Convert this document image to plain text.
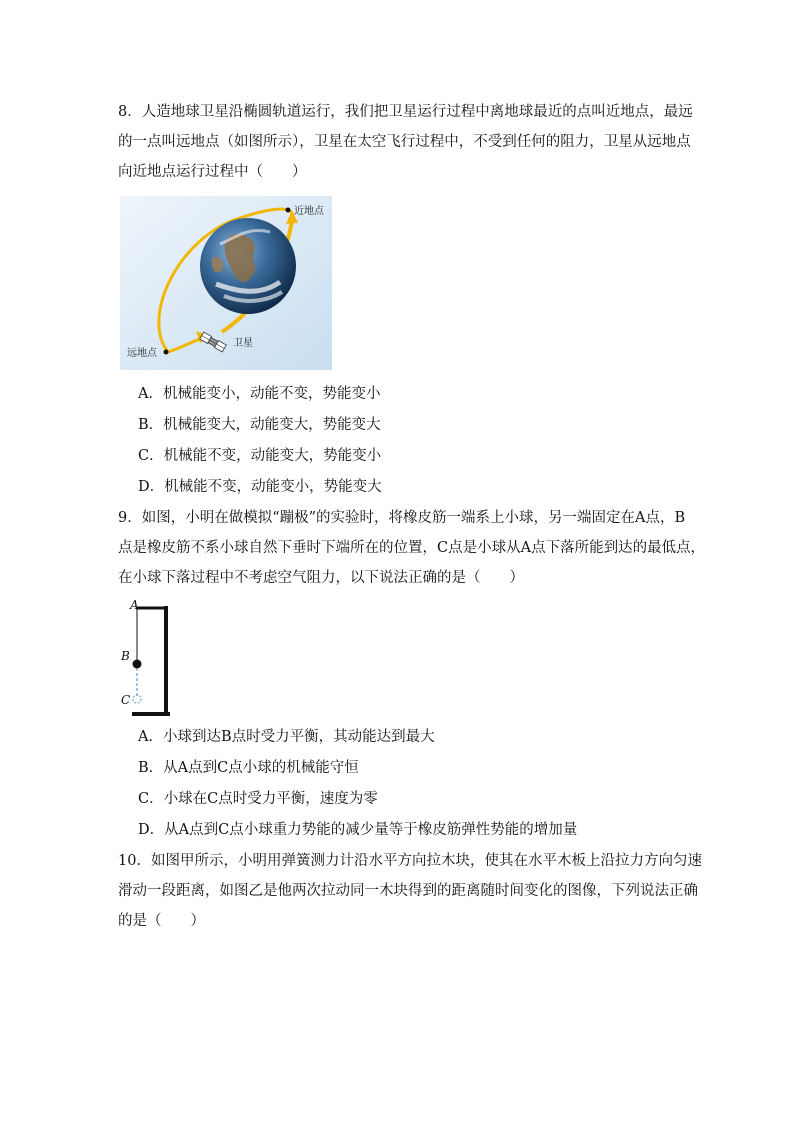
8．人造地球卫星沿椭圆轨道运行，我们把卫星运行过程中离地球最近的点叫近地点，最远
的一点叫远地点（如图所示），卫星在太空飞行过程中，不受到任何的阻力，卫星从远地点
向近地点运行过程中（　　）
近地点
远地点
卫星
A．机械能变小，动能不变，势能变小
B．机械能变大，动能变大，势能变大
C．机械能不变，动能变大，势能变小
D．机械能不变，动能变小，势能变大
9．如图，小明在做模拟“蹦极”的实验时，将橡皮筋一端系上小球，另一端固定在A点，B
点是橡皮筋不系小球自然下垂时下端所在的位置，C点是小球从A点下落所能到达的最低点，
在小球下落过程中不考虑空气阻力，以下说法正确的是（　　）
A
B
C
A．小球到达B点时受力平衡，其动能达到最大
B．从A点到C点小球的机械能守恒
C．小球在C点时受力平衡，速度为零
D．从A点到C点小球重力势能的减少量等于橡皮筋弹性势能的增加量
10．如图甲所示，小明用弹簧测力计沿水平方向拉木块，使其在水平木板上沿拉力方向匀速
滑动一段距离，如图乙是他两次拉动同一木块得到的距离随时间变化的图像，下列说法正确
的是（　　）
